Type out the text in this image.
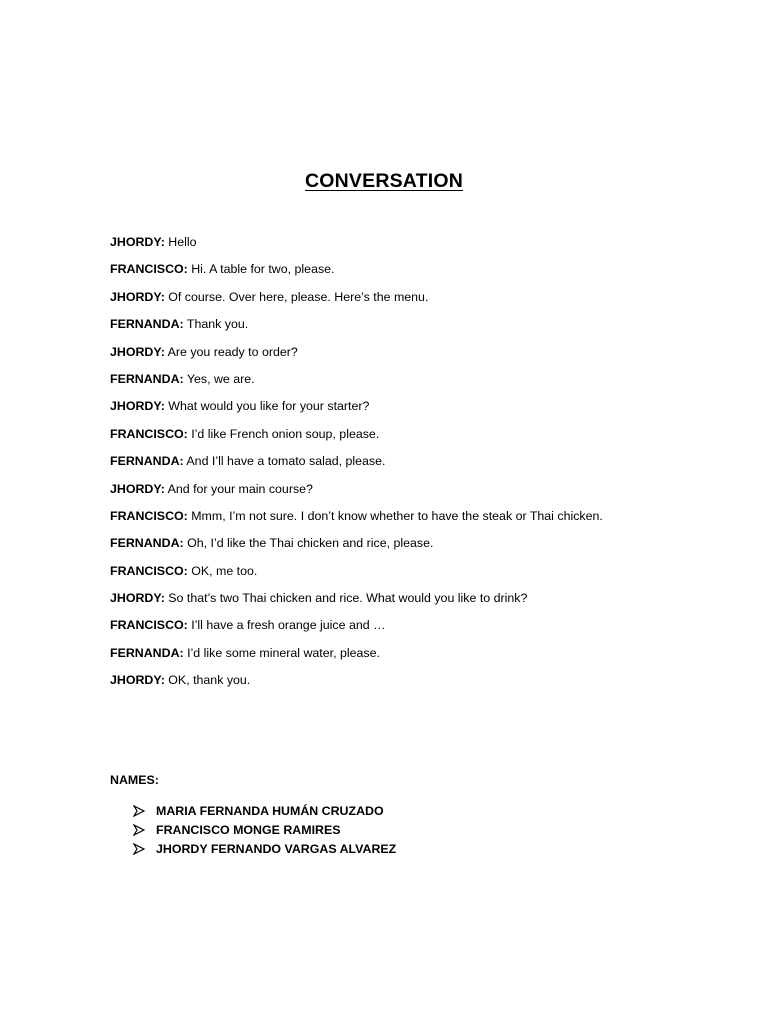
CONVERSATION
JHORDY: Hello
FRANCISCO: Hi. A table for two, please.
JHORDY: Of course. Over here, please. Here’s the menu.
FERNANDA: Thank you.
JHORDY: Are you ready to order?
FERNANDA: Yes, we are.
JHORDY: What would you like for your starter?
FRANCISCO: I’d like French onion soup, please.
FERNANDA: And I’ll have a tomato salad, please.
JHORDY: And for your main course?
FRANCISCO: Mmm, I’m not sure. I don’t know whether to have the steak or Thai chicken.
FERNANDA: Oh, I’d like the Thai chicken and rice, please.
FRANCISCO: OK, me too.
JHORDY: So that’s two Thai chicken and rice. What would you like to drink?
FRANCISCO: I’ll have a fresh orange juice and …
FERNANDA: I’d like some mineral water, please.
JHORDY: OK, thank you.
NAMES:
MARIA FERNANDA HUMÁN CRUZADO
FRANCISCO MONGE RAMIRES
JHORDY FERNANDO VARGAS ALVAREZ
